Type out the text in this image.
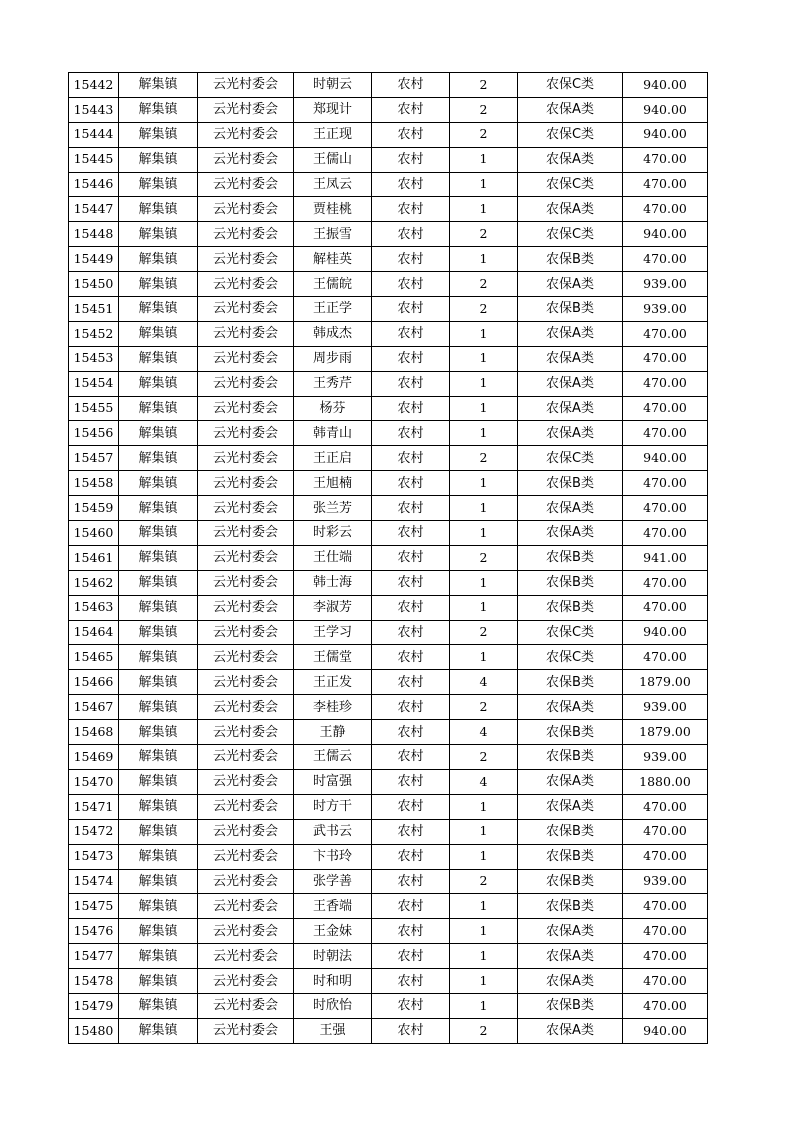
15442	解集镇	云光村委会	时朝云	农村	2	农保C类	940.00
15443	解集镇	云光村委会	郑现计	农村	2	农保A类	940.00
15444	解集镇	云光村委会	王正现	农村	2	农保C类	940.00
15445	解集镇	云光村委会	王儒山	农村	1	农保A类	470.00
15446	解集镇	云光村委会	王凤云	农村	1	农保C类	470.00
15447	解集镇	云光村委会	贾桂桃	农村	1	农保A类	470.00
15448	解集镇	云光村委会	王振雪	农村	2	农保C类	940.00
15449	解集镇	云光村委会	解桂英	农村	1	农保B类	470.00
15450	解集镇	云光村委会	王儒皖	农村	2	农保A类	939.00
15451	解集镇	云光村委会	王正学	农村	2	农保B类	939.00
15452	解集镇	云光村委会	韩成杰	农村	1	农保A类	470.00
15453	解集镇	云光村委会	周步雨	农村	1	农保A类	470.00
15454	解集镇	云光村委会	王秀芹	农村	1	农保A类	470.00
15455	解集镇	云光村委会	杨芬	农村	1	农保A类	470.00
15456	解集镇	云光村委会	韩青山	农村	1	农保A类	470.00
15457	解集镇	云光村委会	王正启	农村	2	农保C类	940.00
15458	解集镇	云光村委会	王旭楠	农村	1	农保B类	470.00
15459	解集镇	云光村委会	张兰芳	农村	1	农保A类	470.00
15460	解集镇	云光村委会	时彩云	农村	1	农保A类	470.00
15461	解集镇	云光村委会	王仕端	农村	2	农保B类	941.00
15462	解集镇	云光村委会	韩士海	农村	1	农保B类	470.00
15463	解集镇	云光村委会	李淑芳	农村	1	农保B类	470.00
15464	解集镇	云光村委会	王学习	农村	2	农保C类	940.00
15465	解集镇	云光村委会	王儒堂	农村	1	农保C类	470.00
15466	解集镇	云光村委会	王正发	农村	4	农保B类	1879.00
15467	解集镇	云光村委会	李桂珍	农村	2	农保A类	939.00
15468	解集镇	云光村委会	王静	农村	4	农保B类	1879.00
15469	解集镇	云光村委会	王儒云	农村	2	农保B类	939.00
15470	解集镇	云光村委会	时富强	农村	4	农保A类	1880.00
15471	解集镇	云光村委会	时方干	农村	1	农保A类	470.00
15472	解集镇	云光村委会	武书云	农村	1	农保B类	470.00
15473	解集镇	云光村委会	卞书玲	农村	1	农保B类	470.00
15474	解集镇	云光村委会	张学善	农村	2	农保B类	939.00
15475	解集镇	云光村委会	王香端	农村	1	农保B类	470.00
15476	解集镇	云光村委会	王金妹	农村	1	农保A类	470.00
15477	解集镇	云光村委会	时朝法	农村	1	农保A类	470.00
15478	解集镇	云光村委会	时和明	农村	1	农保A类	470.00
15479	解集镇	云光村委会	时欣怡	农村	1	农保B类	470.00
15480	解集镇	云光村委会	王强	农村	2	农保A类	940.00
